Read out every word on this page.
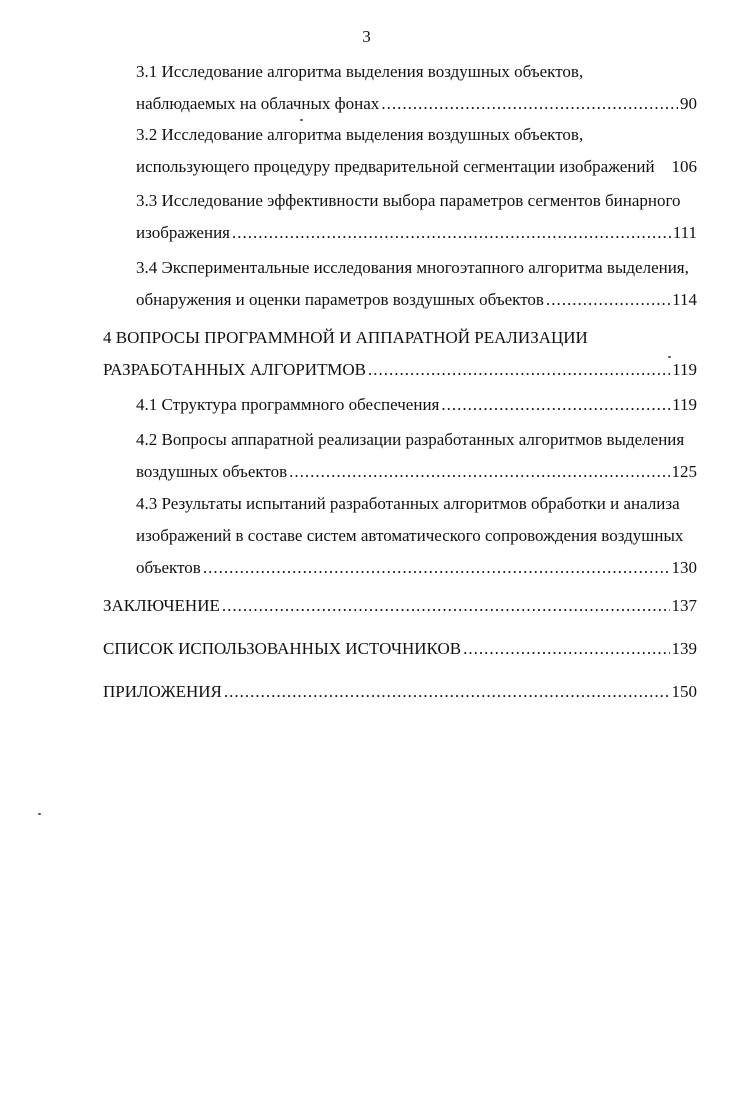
3
3.1 Исследование алгоритма выделения воздушных объектов,
наблюдаемых на облачных фонах .....	90
3.2 Исследование алгоритма выделения воздушных объектов,
использующего процедуру предварительной сегментации изображений 106
3.3 Исследование эффективности выбора параметров сегментов бинарного
изображения .....	111
3.4 Экспериментальные исследования многоэтапного алгоритма выделения,
обнаружения и оценки параметров воздушных объектов .....	114
4 ВОПРОСЫ ПРОГРАММНОЙ И АППАРАТНОЙ РЕАЛИЗАЦИИ
РАЗРАБОТАННЫХ АЛГОРИТМОВ .....	119
4.1 Структура программного обеспечения .....	119
4.2 Вопросы аппаратной реализации разработанных алгоритмов выделения
воздушных объектов .....	125
4.3 Результаты испытаний разработанных алгоритмов обработки и анализа
изображений в составе систем автоматического сопровождения воздушных
объектов .....	130
ЗАКЛЮЧЕНИЕ .....	137
СПИСОК ИСПОЛЬЗОВАННЫХ ИСТОЧНИКОВ .....	139
ПРИЛОЖЕНИЯ .....	150
